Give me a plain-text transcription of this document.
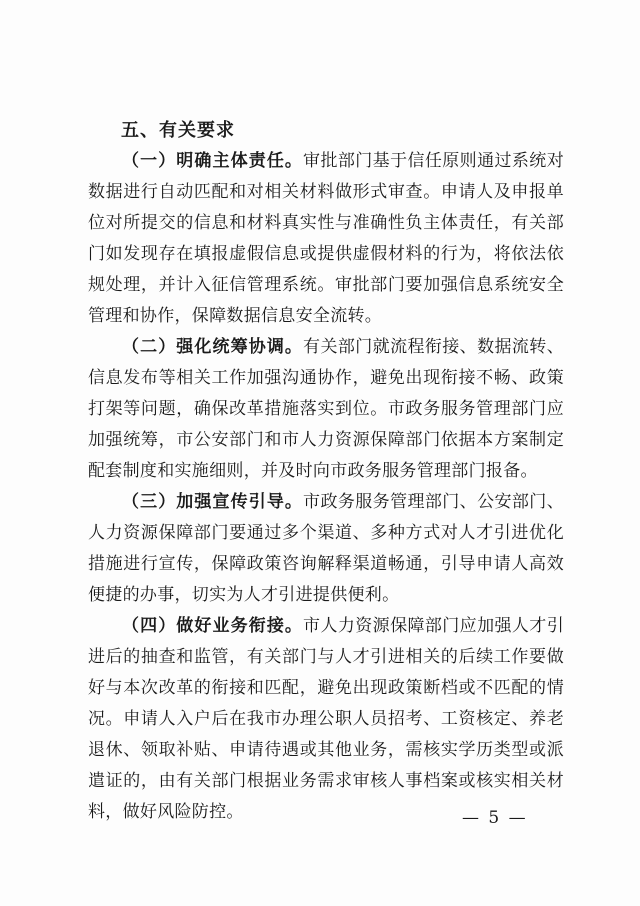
五、有关要求

（一）明确主体责任。审批部门基于信任原则通过系统对数据进行自动匹配和对相关材料做形式审查。申请人及申报单位对所提交的信息和材料真实性与准确性负主体责任，有关部门如发现存在填报虚假信息或提供虚假材料的行为，将依法依规处理，并计入征信管理系统。审批部门要加强信息系统安全管理和协作，保障数据信息安全流转。

（二）强化统筹协调。有关部门就流程衔接、数据流转、信息发布等相关工作加强沟通协作，避免出现衔接不畅、政策打架等问题，确保改革措施落实到位。市政务服务管理部门应加强统筹，市公安部门和市人力资源保障部门依据本方案制定配套制度和实施细则，并及时向市政务服务管理部门报备。

（三）加强宣传引导。市政务服务管理部门、公安部门、人力资源保障部门要通过多个渠道、多种方式对人才引进优化措施进行宣传，保障政策咨询解释渠道畅通，引导申请人高效便捷的办事，切实为人才引进提供便利。

（四）做好业务衔接。市人力资源保障部门应加强人才引进后的抽查和监管，有关部门与人才引进相关的后续工作要做好与本次改革的衔接和匹配，避免出现政策断档或不匹配的情况。申请人入户后在我市办理公职人员招考、工资核定、养老退休、领取补贴、申请待遇或其他业务，需核实学历类型或派遣证的，由有关部门根据业务需求审核人事档案或核实相关材料，做好风险防控。	— 5 —
